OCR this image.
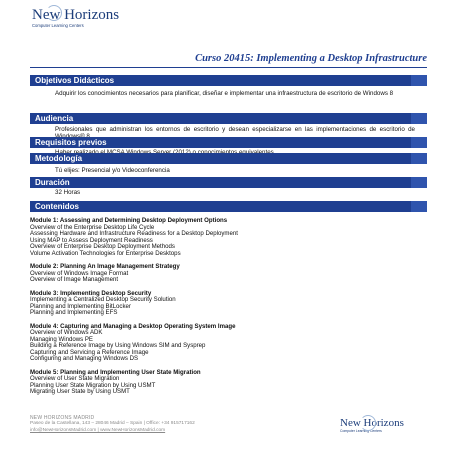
New Horizons
Computer Learning Centers
Curso 20415: Implementing a Desktop Infrastructure
Objetivos Didácticos
Adquirir los conocimientos necesarios para planificar, diseñar e implementar una infraestructura de escritorio de Windows 8
Audiencia
Profesionales que administran los entornos de escritorio y desean especializarse en las implementaciones de escritorio de
Requisitos previos
Metodología
Tú elijes: Presencial y/o Videoconferencia
Duración
32 Horas
Contenidos
Module 1: Assessing and Determining Desktop Deployment Options
Overview of the Enterprise Desktop Life Cycle
Assessing Hardware and Infrastructure Readiness for a Desktop Deployment
Using MAP to Assess Deployment Readiness
Overview of Enterprise Desktop Deployment Methods
Volume Activation Technologies for Enterprise Desktops
Module 2: Planning An Image Management Strategy
Overview of Windows Image Format
Overview of Image Management
Module 3: Implementing Desktop Security
Implementing a Centralized Desktop Security Solution
Planning and Implementing BitLocker
Planning and Implementing EFS
Module 4: Capturing and Managing a Desktop Operating System Image
Overview of Windows ADK
Managing Windows PE
Building a Reference Image by Using Windows SIM and Sysprep
Capturing and Servicing a Reference Image
Configuring and Managing Windows DS
Module 5: Planning and Implementing User State Migration
Overview of User State Migration
Planning User State Migration by Using USMT
Migrating User State by Using USMT
NEW HORIZONS MADRID
Paseo de la Castellana, 143 – 28046 Madrid – Spain | Office: +34 915717162
info@NewHorizonsMadrid.com | www.NewHorizonsMadrid.com
New Horizons
Computer Learning Centers
